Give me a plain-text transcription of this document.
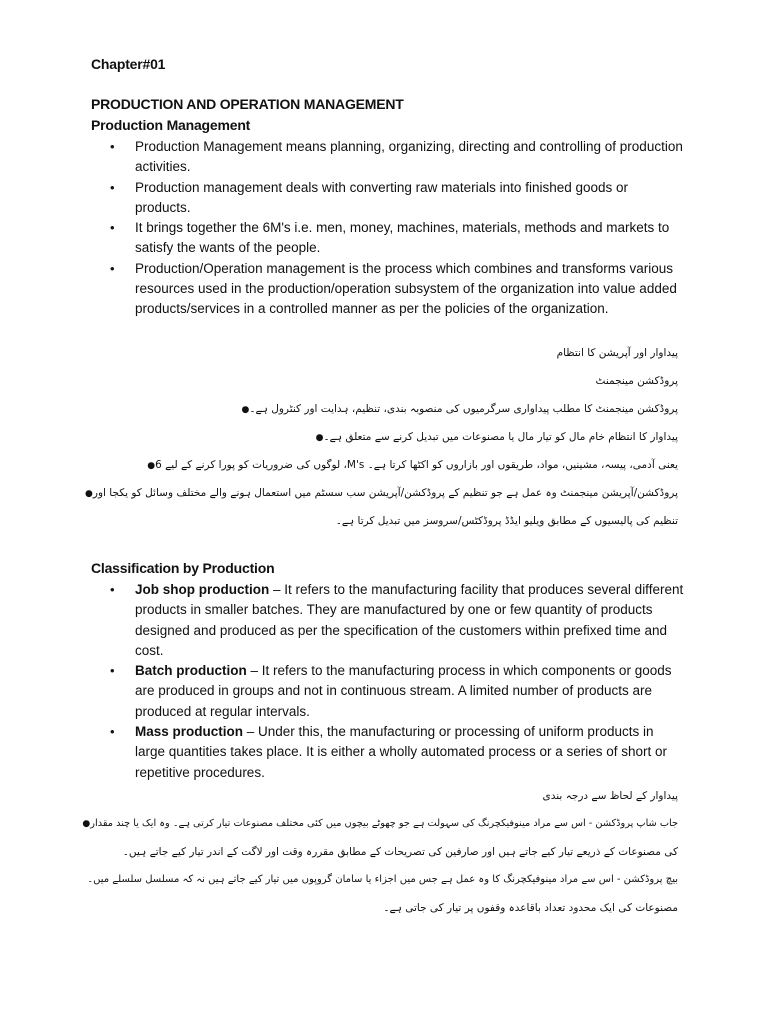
Chapter#01
PRODUCTION AND OPERATION MANAGEMENT
Production Management
• Production Management means planning, organizing, directing and controlling of production activities.
• Production management deals with converting raw materials into finished goods or products.
• It brings together the 6M's i.e. men, money, machines, materials, methods and markets to satisfy the wants of the people.
• Production/Operation management is the process which combines and transforms various resources used in the production/operation subsystem of the organization into value added products/services in a controlled manner as per the policies of the organization.
پیداوار اور آپریشن کا انتظام
پروڈکشن مینجمنٹ
پروڈکشن مینجمنٹ کا مطلب پیداواری سرگرمیوں کی منصوبہ بندی، تنظیم، ہدایت اور کنٹرول ہے۔●
پیداوار کا انتظام خام مال کو تیار مال یا مصنوعات میں تبدیل کرنے سے متعلق ہے۔●
یعنی آدمی، پیسہ، مشینیں، مواد، طریقوں اور بازاروں کو اکٹھا کرتا ہے۔ M's، لوگوں کی ضروریات کو پورا کرنے کے لیے 6●
پروڈکشن/آپریشن مینجمنٹ وہ عمل ہے جو تنظیم کے پروڈکشن/آپریشن سب سسٹم میں استعمال ہونے والے مختلف وسائل کو یکجا اور●
تنظیم کی پالیسیوں کے مطابق ویلیو ایڈڈ پروڈکٹس/سروسز میں تبدیل کرتا ہے۔
Classification by Production
• Job shop production – It refers to the manufacturing facility that produces several different products in smaller batches. They are manufactured by one or few quantity of products designed and produced as per the specification of the customers within prefixed time and cost.
• Batch production – It refers to the manufacturing process in which components or goods are produced in groups and not in continuous stream. A limited number of products are produced at regular intervals.
• Mass production – Under this, the manufacturing or processing of uniform products in large quantities takes place. It is either a wholly automated process or a series of short or repetitive procedures.
پیداوار کے لحاظ سے درجہ بندی
جاب شاپ پروڈکشن - اس سے مراد مینوفیکچرنگ کی سہولت ہے جو چھوٹے بیچوں میں کئی مختلف مصنوعات تیار کرتی ہے۔ وہ ایک یا چند مقدار●
کی مصنوعات کے ذریعے تیار کیے جاتے ہیں اور صارفین کی تصریحات کے مطابق مقررہ وقت اور لاگت کے اندر تیار کیے جاتے ہیں۔
بیچ پروڈکشن - اس سے مراد مینوفیکچرنگ کا وہ عمل ہے جس میں اجزاء یا سامان گروپوں میں تیار کیے جاتے ہیں نہ کہ مسلسل سلسلے میں۔
مصنوعات کی ایک محدود تعداد باقاعدہ وقفوں پر تیار کی جاتی ہے۔
